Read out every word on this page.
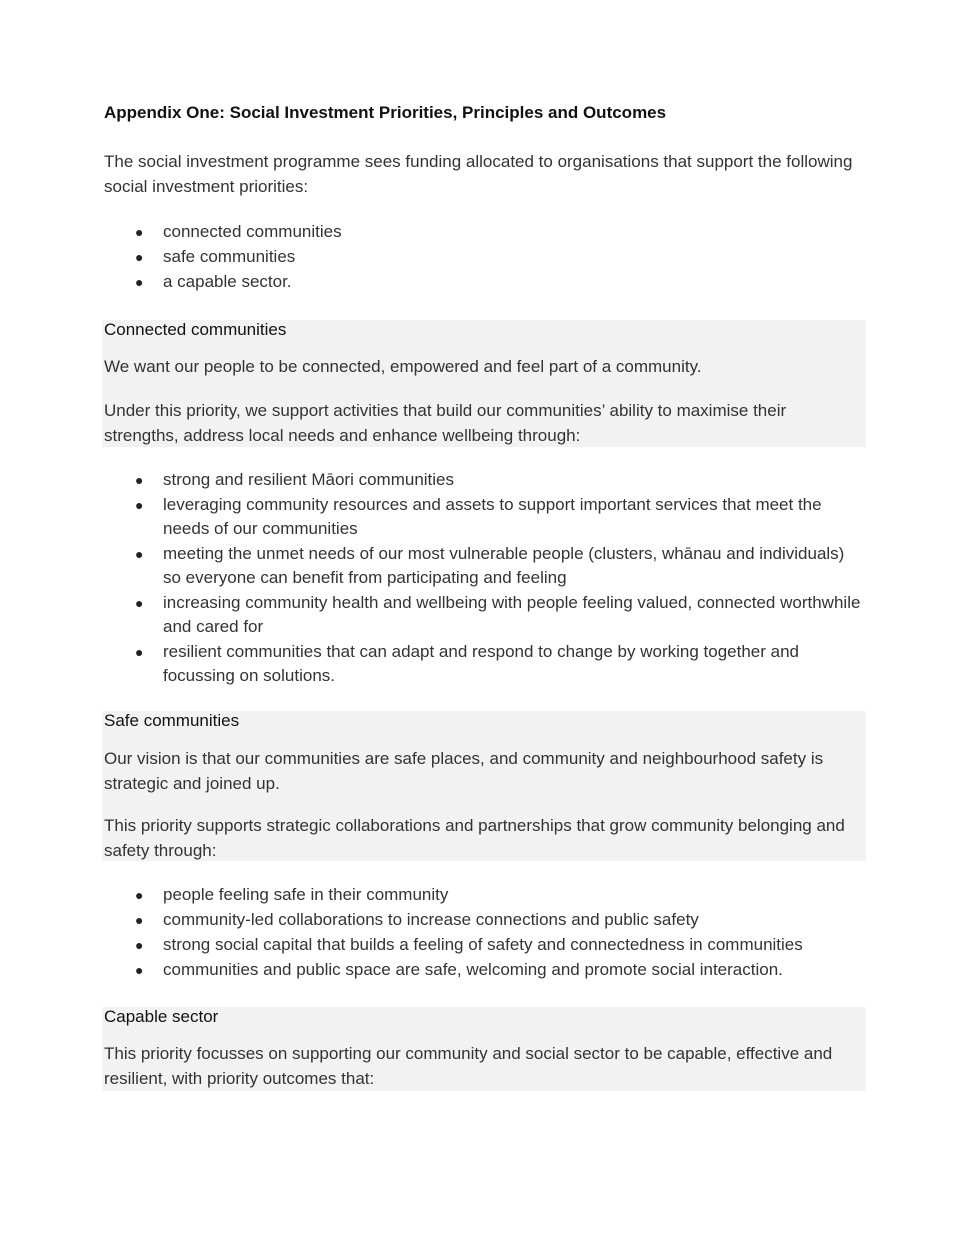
Appendix One: Social Investment Priorities, Principles and Outcomes
The social investment programme sees funding allocated to organisations that support the following social investment priorities:
● connected communities
● safe communities
● a capable sector.
Connected communities
We want our people to be connected, empowered and feel part of a community.
Under this priority, we support activities that build our communities’ ability to maximise their strengths, address local needs and enhance wellbeing through:
● strong and resilient Māori communities
● leveraging community resources and assets to support important services that meet the needs of our communities
● meeting the unmet needs of our most vulnerable people (clusters, whānau and individuals) so everyone can benefit from participating and feeling
● increasing community health and wellbeing with people feeling valued, connected worthwhile and cared for
● resilient communities that can adapt and respond to change by working together and focussing on solutions.
Safe communities
Our vision is that our communities are safe places, and community and neighbourhood safety is strategic and joined up.
This priority supports strategic collaborations and partnerships that grow community belonging and safety through:
● people feeling safe in their community
● community-led collaborations to increase connections and public safety
● strong social capital that builds a feeling of safety and connectedness in communities
● communities and public space are safe, welcoming and promote social interaction.
Capable sector
This priority focusses on supporting our community and social sector to be capable, effective and resilient, with priority outcomes that:
